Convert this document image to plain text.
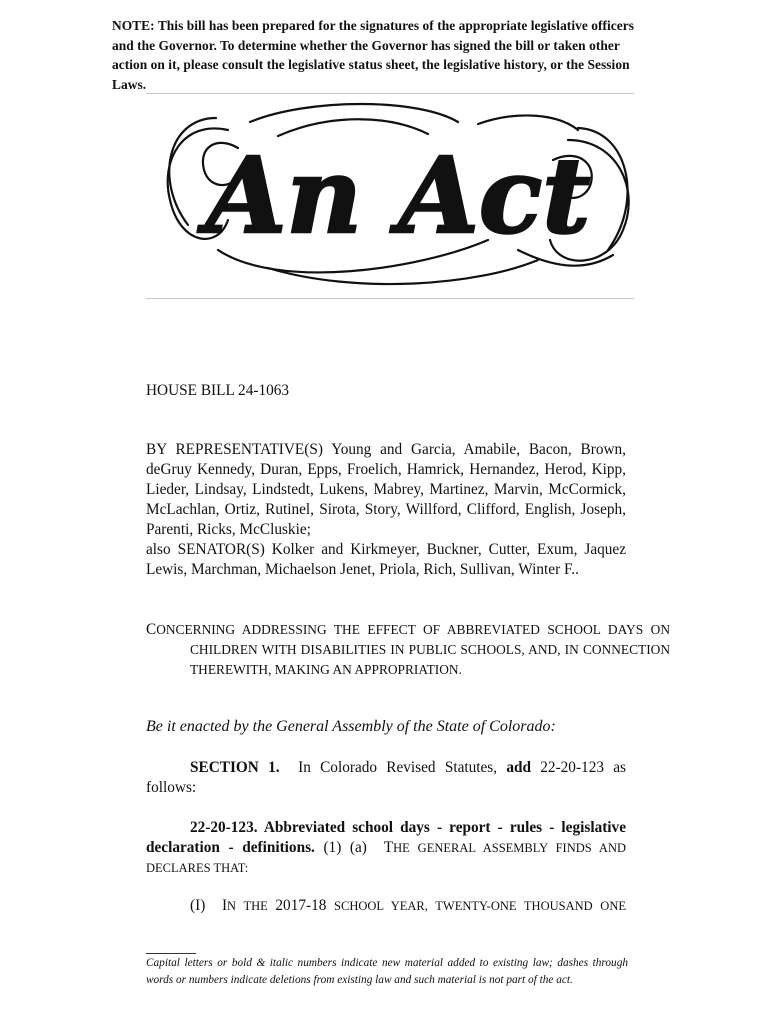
NOTE: This bill has been prepared for the signatures of the appropriate legislative officers and the Governor. To determine whether the Governor has signed the bill or taken other action on it, please consult the legislative status sheet, the legislative history, or the Session Laws.
An Act
HOUSE BILL 24-1063

BY REPRESENTATIVE(S) Young and Garcia, Amabile, Bacon, Brown, deGruy Kennedy, Duran, Epps, Froelich, Hamrick, Hernandez, Herod, Kipp, Lieder, Lindsay, Lindstedt, Lukens, Mabrey, Martinez, Marvin, McCormick, McLachlan, Ortiz, Rutinel, Sirota, Story, Willford, Clifford, English, Joseph, Parenti, Ricks, McCluskie;

also SENATOR(S) Kolker and Kirkmeyer, Buckner, Cutter, Exum, Jaquez Lewis, Marchman, Michaelson Jenet, Priola, Rich, Sullivan, Winter F..

CONCERNING ADDRESSING THE EFFECT OF ABBREVIATED SCHOOL DAYS ON CHILDREN WITH DISABILITIES IN PUBLIC SCHOOLS, AND, IN CONNECTION THEREWITH, MAKING AN APPROPRIATION.
Be it enacted by the General Assembly of the State of Colorado:
SECTION 1.  In Colorado Revised Statutes, add 22-20-123 as follows:
22-20-123. Abbreviated school days - report - rules - legislative declaration - definitions. (1) (a)  THE GENERAL ASSEMBLY FINDS AND DECLARES THAT:
(I)  IN THE 2017-18 SCHOOL YEAR, TWENTY-ONE THOUSAND ONE
Capital letters or bold & italic numbers indicate new material added to existing law; dashes through words or numbers indicate deletions from existing law and such material is not part of the act.
